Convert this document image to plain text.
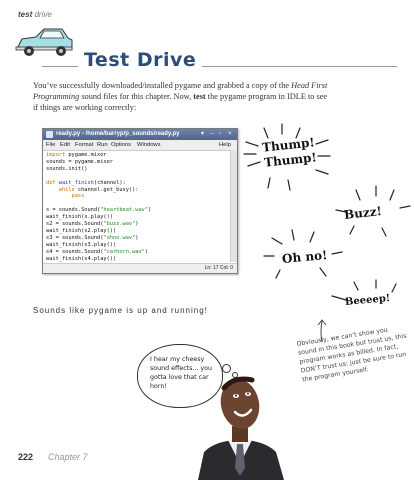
test drive
Test Drive

You’ve successfully downloaded/installed pygame and grabbed a copy of the Head First Programming sound files for this chapter. Now, test the pygame program in IDLE to see if things are working correctly:

ready.py - /home/barryp/p_sounds/ready.py	▾ – ▫ ×
File Edit Format Run Options Windows	Help
import pygame.mixer
sounds = pygame.mixer
sounds.init()

def wait_finish(channel):
while channel.get_busy():
pass

s = sounds.Sound("heartbeat.wav")
wait_finish(s.play())
s2 = sounds.Sound("buzz.wav")
wait_finish(s2.play())
s3 = sounds.Sound("ohno.wav")
wait_finish(s3.play())
s4 = sounds.Sound("carhorn.wav")
wait_finish(s4.play())

Ln: 17 Col: 0
Thump!
Thump!
Buzz!
Oh no!
Beeeep!
Sounds like pygame is up and running!
Obviously, we can’t show you sound in this book but trust us, this program works as billed. In fact, DON’T trust us: just be sure to run the program yourself.
I hear my cheesy sound effects... you gotta love that car horn!
222 Chapter 7
